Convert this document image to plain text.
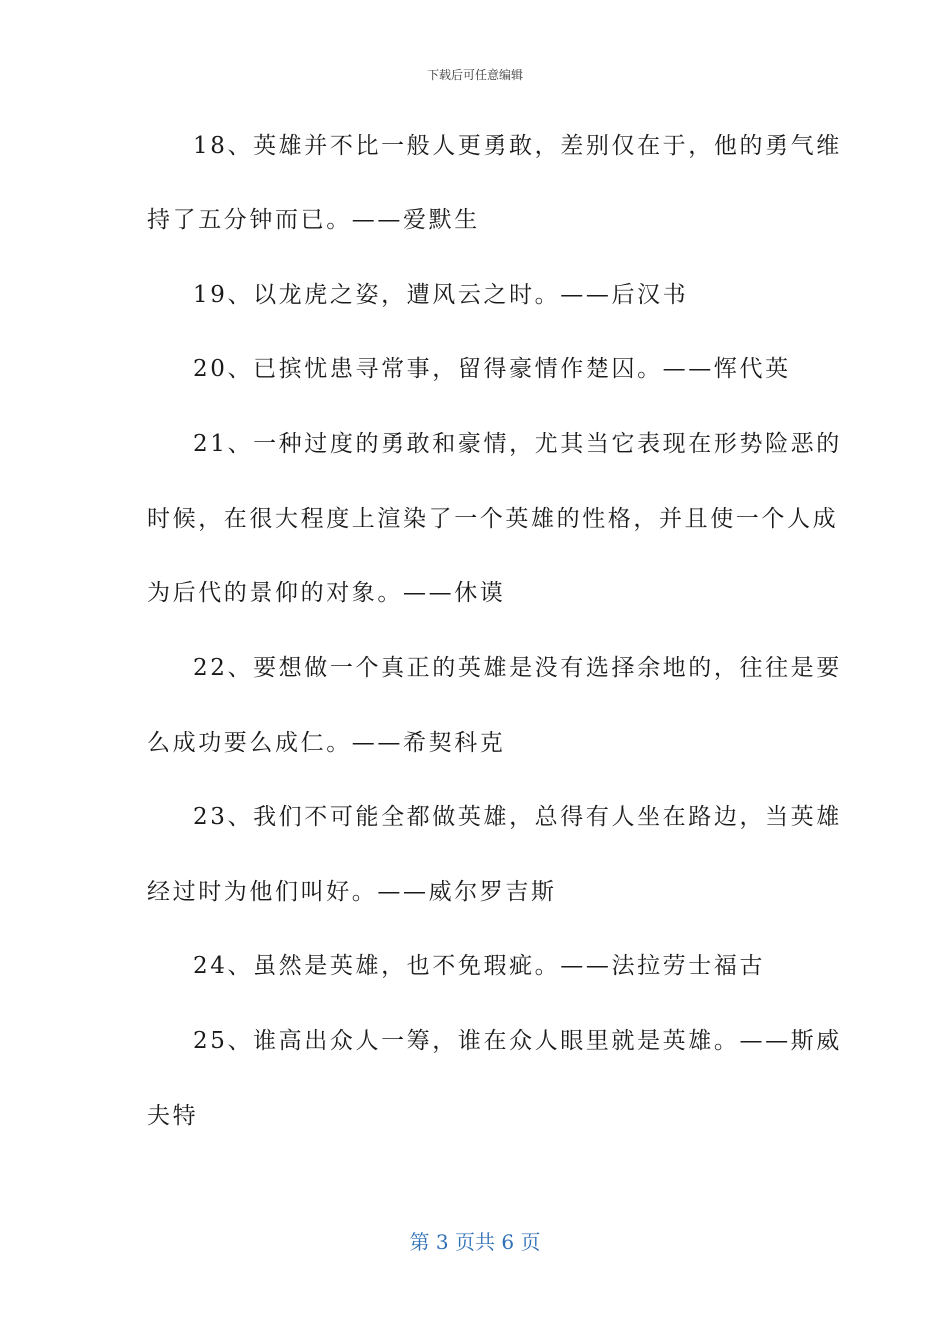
下载后可任意编辑
18、英雄并不比一般人更勇敢，差别仅在于，他的勇气维
持了五分钟而已。——爱默生
19、以龙虎之姿，遭风云之时。——后汉书
20、已摈忧患寻常事，留得豪情作楚囚。——恽代英
21、一种过度的勇敢和豪情，尤其当它表现在形势险恶的
时候，在很大程度上渲染了一个英雄的性格，并且使一个人成
为后代的景仰的对象。——休谟
22、要想做一个真正的英雄是没有选择余地的，往往是要
么成功要么成仁。——希契科克
23、我们不可能全都做英雄，总得有人坐在路边，当英雄
经过时为他们叫好。——威尔罗吉斯
24、虽然是英雄，也不免瑕疵。——法拉劳士福古
25、谁高出众人一筹，谁在众人眼里就是英雄。——斯威
夫特
第 3 页共 6 页
